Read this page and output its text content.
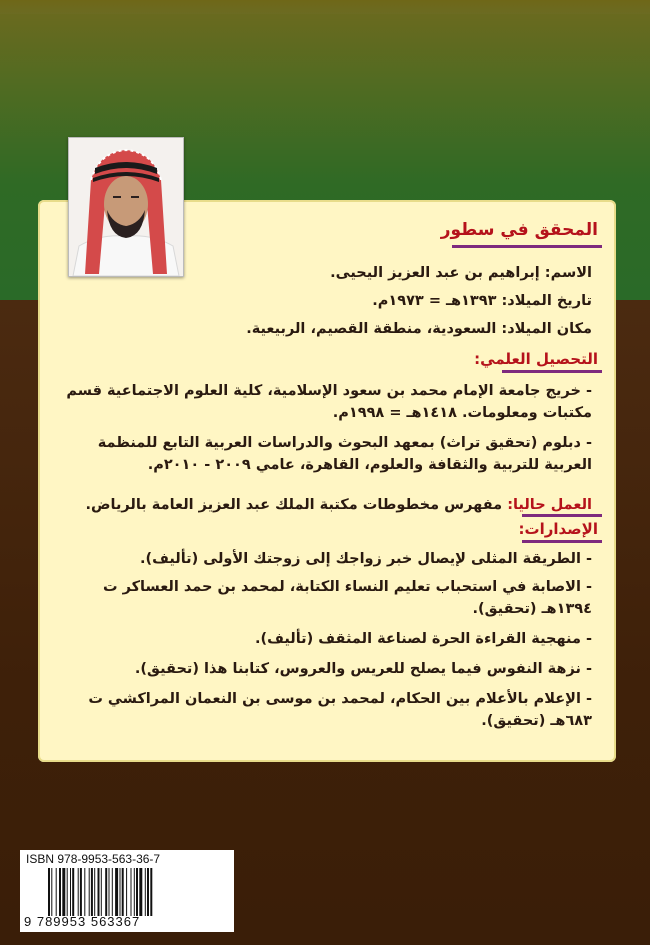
المحقق في سطور
الاسم: إبراهيم بن عبد العزيز اليحيى.
تاريخ الميلاد: ١٣٩٣هـ = ١٩٧٣م.
مكان الميلاد: السعودية، منطقة القصيم، الربيعية.
التحصيل العلمي:
- خريج جامعة الإمام محمد بن سعود الإسلامية، كلية العلوم الاجتماعية قسم مكتبات ومعلومات. ١٤١٨هـ = ١٩٩٨م.
- دبلوم (تحقيق تراث) بمعهد البحوث والدراسات العربية التابع للمنظمة العربية للتربية والثقافة والعلوم، القاهرة، عامي ٢٠٠٩ - ٢٠١٠م.
العمل حاليا: مفهرس مخطوطات مكتبة الملك عبد العزيز العامة بالرياض.
الإصدارات:
- الطريقة المثلى لإيصال خبر زواجك إلى زوجتك الأولى (تأليف).
- الاصابة في استحباب تعليم النساء الكتابة، لمحمد بن حمد العساكر ت ١٣٩٤هـ (تحقيق).
- منهجية القراءة الحرة لصناعة المثقف (تأليف).
- نزهة النفوس فيما يصلح للعريس والعروس، كتابنا هذا (تحقيق).
- الإعلام بالأعلام بين الحكام، لمحمد بن موسى بن النعمان المراكشي ت ٦٨٣هـ (تحقيق).
ISBN 978-9953-563-36-7
9 789953 563367
